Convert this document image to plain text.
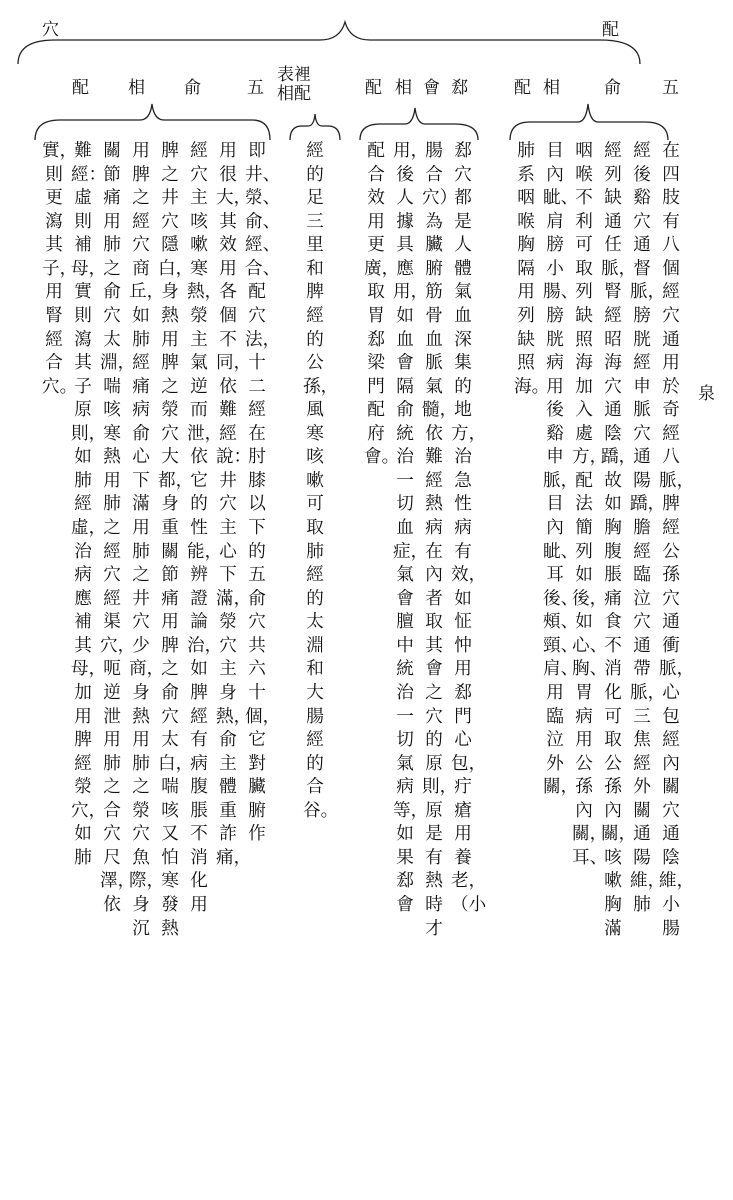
穴	配
泉
配 相 俞	五
表裡相配	配 相 會 郄	配 相	俞 五
在四肢有八個經穴通用於奇經八脈，脾經公孫穴通衝脈，心包經內關穴通陰維，小腸
經後谿穴通督脈，膀胱經申脈穴通陽蹻，膽經臨泣穴通帶脈，三焦經外關通陽維，肺
經列缺通任脈，腎經昭海穴通陰蹻，故如胸腹脹痛食不消化可取公孫內關，咳嗽胸滿
咽喉不利可取列缺照海加入處方，配法簡列如後，如心、胸、胃病用公孫內關，耳、
目內眦、肩膀小腸、膀胱病用後谿申脈，目內眦、耳後、頰、頸、肩、用臨泣外關，
肺系咽喉胸隔用列缺照海。
郄穴都是人體氣血深集的地方，治急性病有效，如怔忡用郄門心包，疔瘡用養老，（小
腸合穴）為臟腑筋骨血脈氣髓，依難經熱病在內者取其會之穴的原則，原是有熱時才
用，後人據具應用，如血會隔俞統治一切血症，氣會膻中統治一切氣病等，如果郄會
配合效用更廣，取胃郄梁門配府會。
經的足三里和脾經的公孫，風寒咳嗽可取肺經的太淵和大腸經的合谷。
即井、滎、俞、經、合、配穴法，十二經在肘膝以下的五俞穴共六十個，它對臟腑作
用很大，其效用各個不同，依難經說：井穴主心下滿，滎穴主身熱，俞主體重詐痛，
經穴主咳嗽寒熱，滎主氣逆而泄，依它的性能，辨證論治，如脾經有病腹脹不消化用
脾之井穴隱白，身熱用脾之滎穴大都，身重關節痛用脾之俞穴太白，喘咳又怕寒發熱
用脾之經穴商丘，如肺經痛病俞心下滿用肺之井穴少商，身熱用肺之滎穴魚際，身沉
關節痛用肺之俞穴太淵，喘咳寒熱用肺之經穴經渠穴，呃逆泄用肺之合穴尺澤，依
難經：虛則補母，實則瀉其子原則，如肺經虛，治病應補其母，加用脾經滎穴，如肺
實，則更瀉其子，用腎經合穴。
